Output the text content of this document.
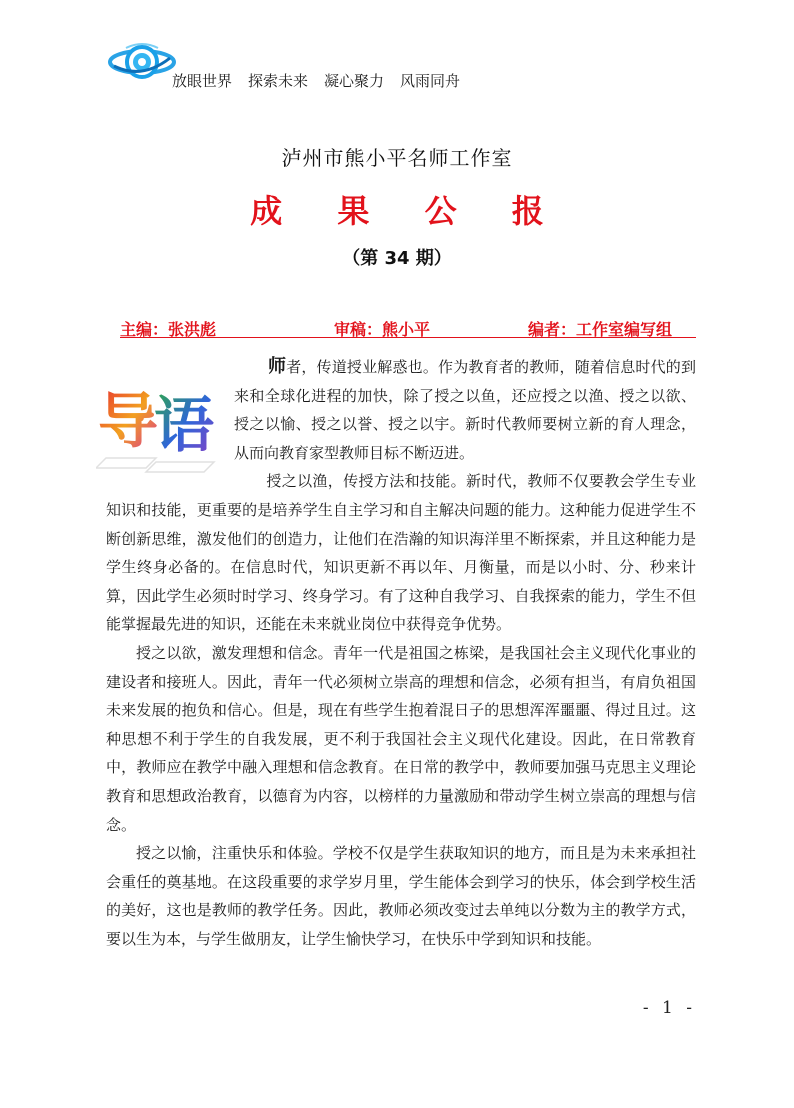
放眼世界 探索未来 凝心聚力 风雨同舟
泸州市熊小平名师工作室
成 果 公 报
（第 34 期）
主编：张洪彪	审稿：熊小平	编者：工作室编写组
导
语

师者，传道授业解惑也。作为教育者的教师，随着信息时代的到来和全球化进程的加快，除了授之以鱼，还应授之以渔、授之以欲、授之以愉、授之以誉、授之以宇。新时代教师要树立新的育人理念，从而向教育家型教师目标不断迈进。

授之以渔，传授方法和技能。新时代，教师不仅要教会学生专业知识和技能，更重要的是培养学生自主学习和自主解决问题的能力。这种能力促进学生不断创新思维，激发他们的创造力，让他们在浩瀚的知识海洋里不断探索，并且这种能力是学生终身必备的。在信息时代，知识更新不再以年、月衡量，而是以小时、分、秒来计算，因此学生必须时时学习、终身学习。有了这种自我学习、自我探索的能力，学生不但能掌握最先进的知识，还能在未来就业岗位中获得竞争优势。

授之以欲，激发理想和信念。青年一代是祖国之栋梁，是我国社会主义现代化事业的建设者和接班人。因此，青年一代必须树立崇高的理想和信念，必须有担当，有肩负祖国未来发展的抱负和信心。但是，现在有些学生抱着混日子的思想浑浑噩噩、得过且过。这种思想不利于学生的自我发展，更不利于我国社会主义现代化建设。因此，在日常教育中，教师应在教学中融入理想和信念教育。在日常的教学中，教师要加强马克思主义理论教育和思想政治教育，以德育为内容，以榜样的力量激励和带动学生树立崇高的理想与信念。

授之以愉，注重快乐和体验。学校不仅是学生获取知识的地方，而且是为未来承担社会重任的奠基地。在这段重要的求学岁月里，学生能体会到学习的快乐，体会到学校生活的美好，这也是教师的教学任务。因此，教师必须改变过去单纯以分数为主的教学方式，要以生为本，与学生做朋友，让学生愉快学习，在快乐中学到知识和技能。

- 1 -
